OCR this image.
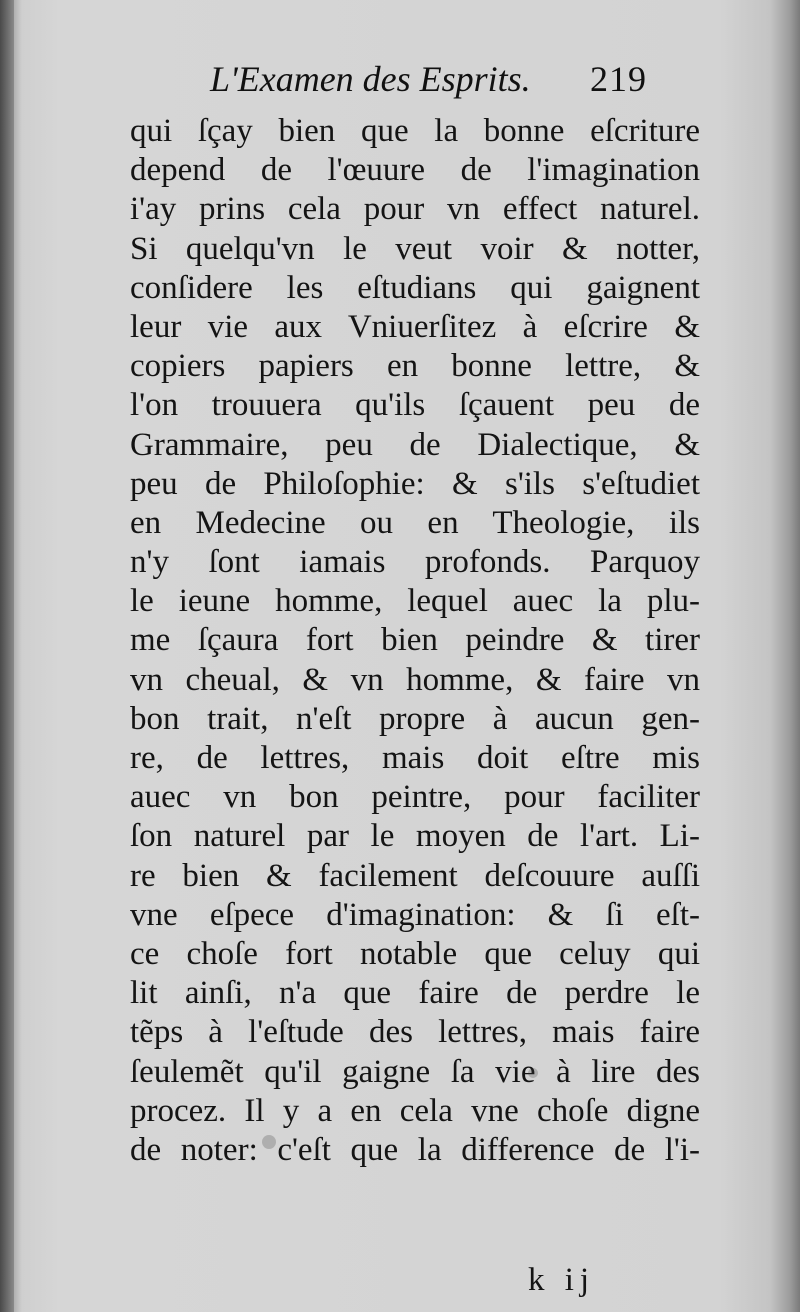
L'Examen des Esprits. 219
qui ſçay bien que la bonne eſcriture
depend de l'œuure de l'imagination
i'ay prins cela pour vn effect naturel.
Si quelqu'vn le veut voir & notter,
conſidere les eſtudians qui gaignent
leur vie aux Vniuerſitez à eſcrire &
copiers papiers en bonne lettre, &
l'on trouuera qu'ils ſçauent peu de
Grammaire, peu de Dialectique, &
peu de Philoſophie: & s'ils s'eſtudiet
en Medecine ou en Theologie, ils
n'y ſont iamais profonds. Parquoy
le ieune homme, lequel auec la plu-
me ſçaura fort bien peindre & tirer
vn cheual, & vn homme, & faire vn
bon trait, n'eſt propre à aucun gen-
re, de lettres, mais doit eſtre mis
auec vn bon peintre, pour faciliter
ſon naturel par le moyen de l'art. Li-
re bien & facilement deſcouure auſſi
vne eſpece d'imagination: & ſi eſt-
ce choſe fort notable que celuy qui
lit ainſi, n'a que faire de perdre le
tẽps à l'eſtude des lettres, mais faire
ſeulemẽt qu'il gaigne ſa vie à lire des
procez. Il y a en cela vne choſe digne
de noter: c'eſt que la difference de l'i-
k ij
